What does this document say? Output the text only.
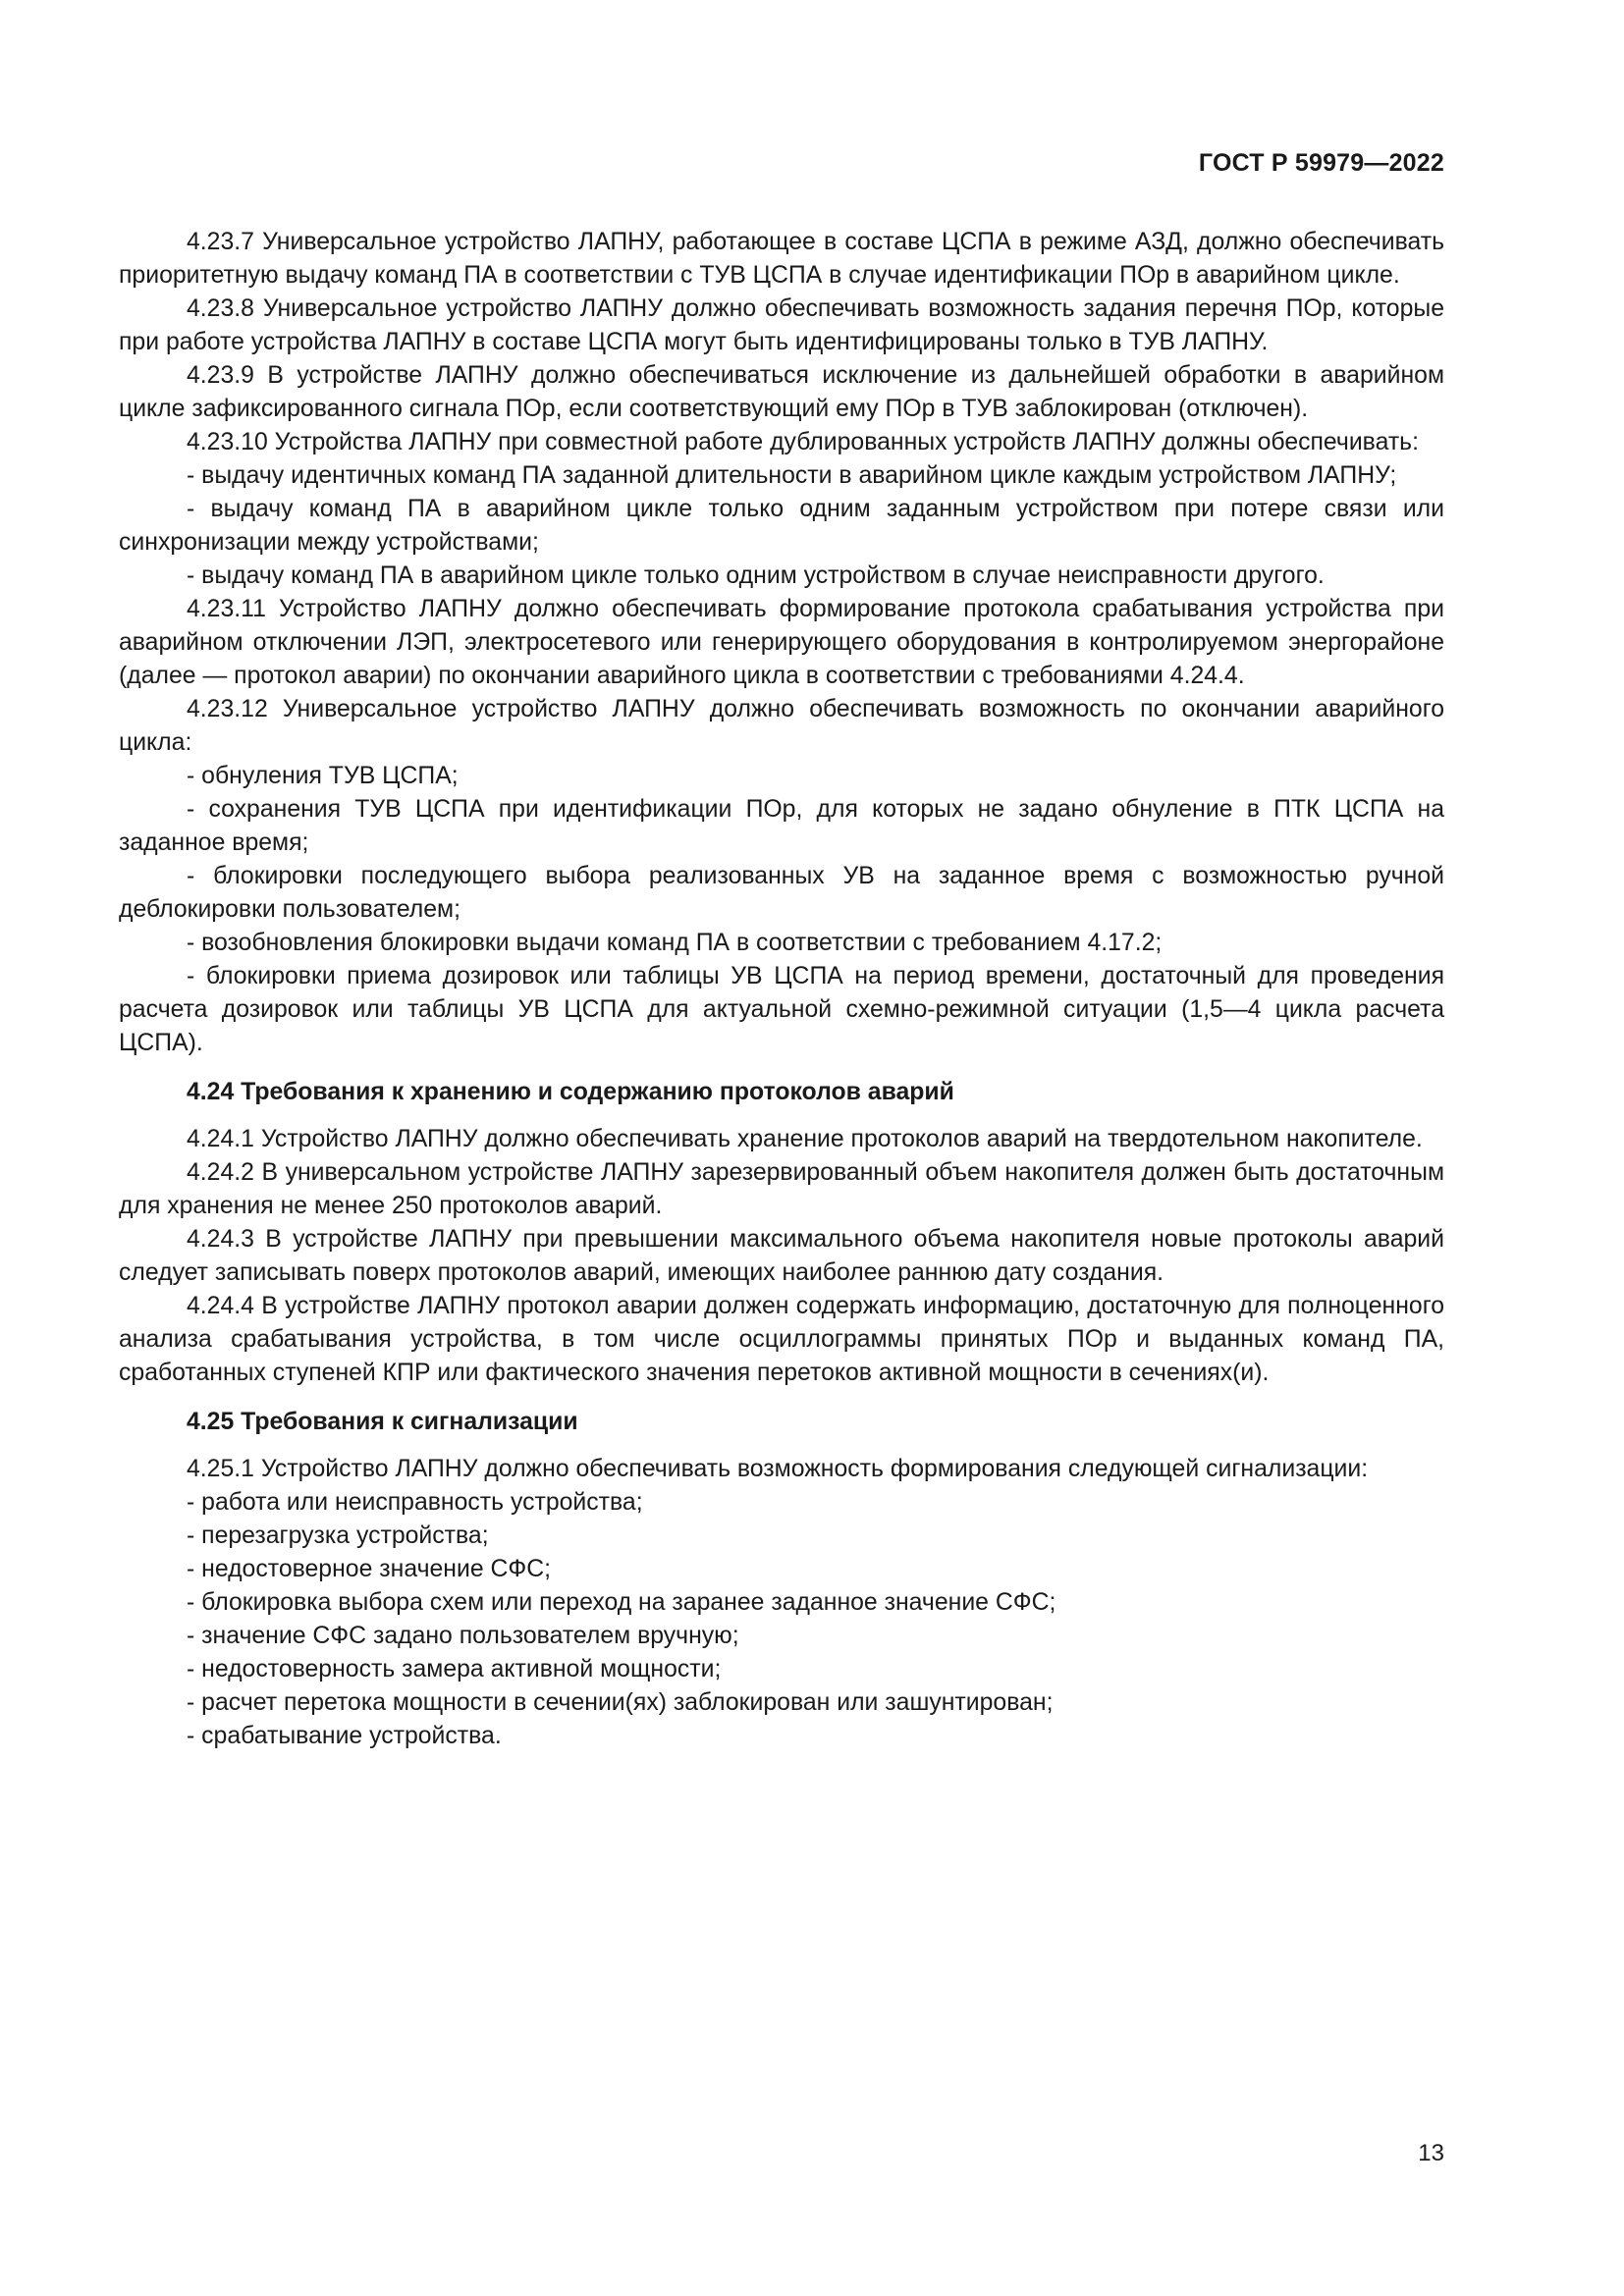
ГОСТ Р 59979—2022

4.23.7 Универсальное устройство ЛАПНУ, работающее в составе ЦСПА в режиме АЗД, должно обеспечивать приоритетную выдачу команд ПА в соответствии с ТУВ ЦСПА в случае идентификации ПОр в аварийном цикле.

4.23.8 Универсальное устройство ЛАПНУ должно обеспечивать возможность задания перечня ПОр, которые при работе устройства ЛАПНУ в составе ЦСПА могут быть идентифицированы только в ТУВ ЛАПНУ.

4.23.9 В устройстве ЛАПНУ должно обеспечиваться исключение из дальнейшей обработки в аварийном цикле зафиксированного сигнала ПОр, если соответствующий ему ПОр в ТУВ заблокирован (отключен).

4.23.10 Устройства ЛАПНУ при совместной работе дублированных устройств ЛАПНУ должны обеспечивать:

- выдачу идентичных команд ПА заданной длительности в аварийном цикле каждым устройством ЛАПНУ;

- выдачу команд ПА в аварийном цикле только одним заданным устройством при потере связи или синхронизации между устройствами;

- выдачу команд ПА в аварийном цикле только одним устройством в случае неисправности другого.

4.23.11 Устройство ЛАПНУ должно обеспечивать формирование протокола срабатывания устройства при аварийном отключении ЛЭП, электросетевого или генерирующего оборудования в контролируемом энергорайоне (далее — протокол аварии) по окончании аварийного цикла в соответствии с требованиями 4.24.4.

4.23.12 Универсальное устройство ЛАПНУ должно обеспечивать возможность по окончании аварийного цикла:

- обнуления ТУВ ЦСПА;

- сохранения ТУВ ЦСПА при идентификации ПОр, для которых не задано обнуление в ПТК ЦСПА на заданное время;

- блокировки последующего выбора реализованных УВ на заданное время с возможностью ручной деблокировки пользователем;

- возобновления блокировки выдачи команд ПА в соответствии с требованием 4.17.2;

- блокировки приема дозировок или таблицы УВ ЦСПА на период времени, достаточный для проведения расчета дозировок или таблицы УВ ЦСПА для актуальной схемно-режимной ситуации (1,5—4 цикла расчета ЦСПА).

4.24 Требования к хранению и содержанию протоколов аварий

4.24.1 Устройство ЛАПНУ должно обеспечивать хранение протоколов аварий на твердотельном накопителе.

4.24.2 В универсальном устройстве ЛАПНУ зарезервированный объем накопителя должен быть достаточным для хранения не менее 250 протоколов аварий.

4.24.3 В устройстве ЛАПНУ при превышении максимального объема накопителя новые протоколы аварий следует записывать поверх протоколов аварий, имеющих наиболее раннюю дату создания.

4.24.4 В устройстве ЛАПНУ протокол аварии должен содержать информацию, достаточную для полноценного анализа срабатывания устройства, в том числе осциллограммы принятых ПОр и выданных команд ПА, сработанных ступеней КПР или фактического значения перетоков активной мощности в сечениях(и).

4.25 Требования к сигнализации

4.25.1 Устройство ЛАПНУ должно обеспечивать возможность формирования следующей сигнализации:

- работа или неисправность устройства;

- перезагрузка устройства;

- недостоверное значение СФС;

- блокировка выбора схем или переход на заранее заданное значение СФС;

- значение СФС задано пользователем вручную;

- недостоверность замера активной мощности;

- расчет перетока мощности в сечении(ях) заблокирован или зашунтирован;

- срабатывание устройства.

13
